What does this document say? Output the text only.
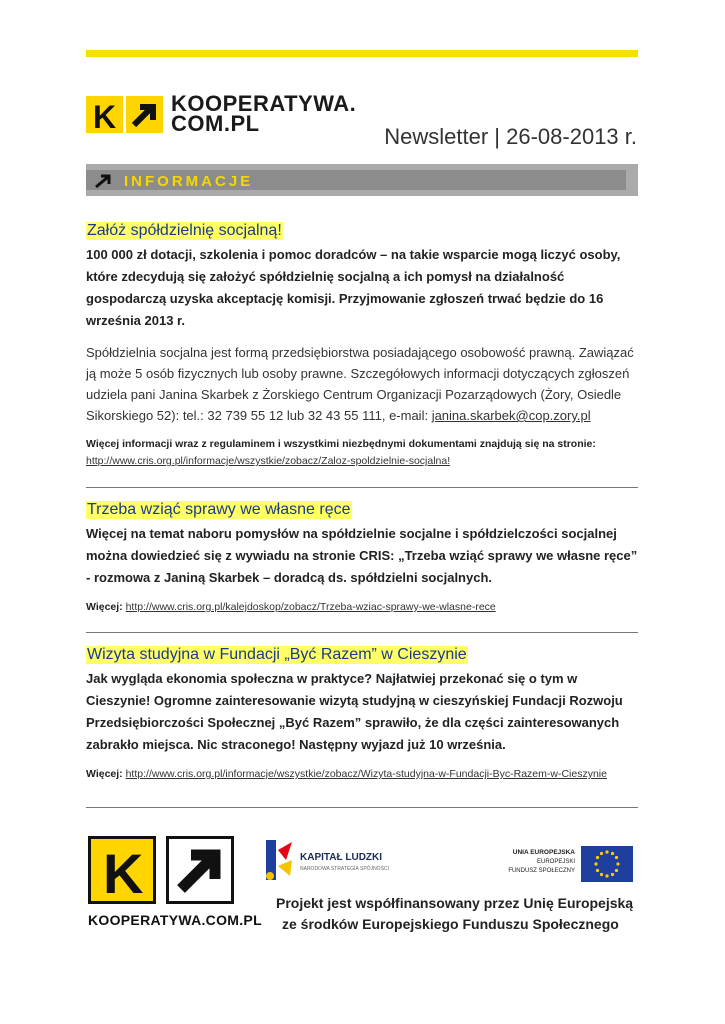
K KOOPERATYWA.
COM.PL
Newsletter | 26-08-2013 r.
INFORMACJE
Załóż spółdzielnię socjalną!
100 000 zł dotacji, szkolenia i pomoc doradców – na takie wsparcie mogą liczyć osoby, które zdecydują się założyć spółdzielnię socjalną a ich pomysł na działalność gospodarczą uzyska akceptację komisji. Przyjmowanie zgłoszeń trwać będzie do 16 września 2013 r.
Spółdzielnia socjalna jest formą przedsiębiorstwa posiadającego osobowość prawną. Zawiązać ją może 5 osób fizycznych lub osoby prawne. Szczegółowych informacji dotyczących zgłoszeń udziela pani Janina Skarbek z Żorskiego Centrum Organizacji Pozarządowych (Żory, Osiedle Sikorskiego 52): tel.: 32 739 55 12 lub 32 43 55 111, e-mail: janina.skarbek@cop.zory.pl
Więcej informacji wraz z regulaminem i wszystkimi niezbędnymi dokumentami znajdują się na stronie:
http://www.cris.org.pl/informacje/wszystkie/zobacz/Zaloz-spoldzielnie-socjalna!
Trzeba wziąć sprawy we własne ręce
Więcej na temat naboru pomysłów na spółdzielnie socjalne i spółdzielczości socjalnej można dowiedzieć się z wywiadu na stronie CRIS: „Trzeba wziąć sprawy we własne ręce” - rozmowa z Janiną Skarbek – doradcą ds. spółdzielni socjalnych.
Więcej: http://www.cris.org.pl/kalejdoskop/zobacz/Trzeba-wziac-sprawy-we-wlasne-rece
Wizyta studyjna w Fundacji „Być Razem” w Cieszynie
Jak wygląda ekonomia społeczna w praktyce? Najłatwiej przekonać się o tym w Cieszynie! Ogromne zainteresowanie wizytą studyjną w cieszyńskiej Fundacji Rozwoju Przedsiębiorczości Społecznej „Być Razem” sprawiło, że dla części zainteresowanych zabrakło miejsca. Nic straconego! Następny wyjazd już 10 września.
Więcej: http://www.cris.org.pl/informacje/wszystkie/zobacz/Wizyta-studyjna-w-Fundacji-Byc-Razem-w-Cieszynie
K
KOOPERATYWA.COM.PL
KAPITAŁ LUDZKI
NARODOWA STRATEGIA SPÓJNOŚCI
UNIA EUROPEJSKA
EUROPEJSKI
FUNDUSZ SPOŁECZNY
Projekt jest współfinansowany przez Unię Europejską
ze środków Europejskiego Funduszu Społecznego
